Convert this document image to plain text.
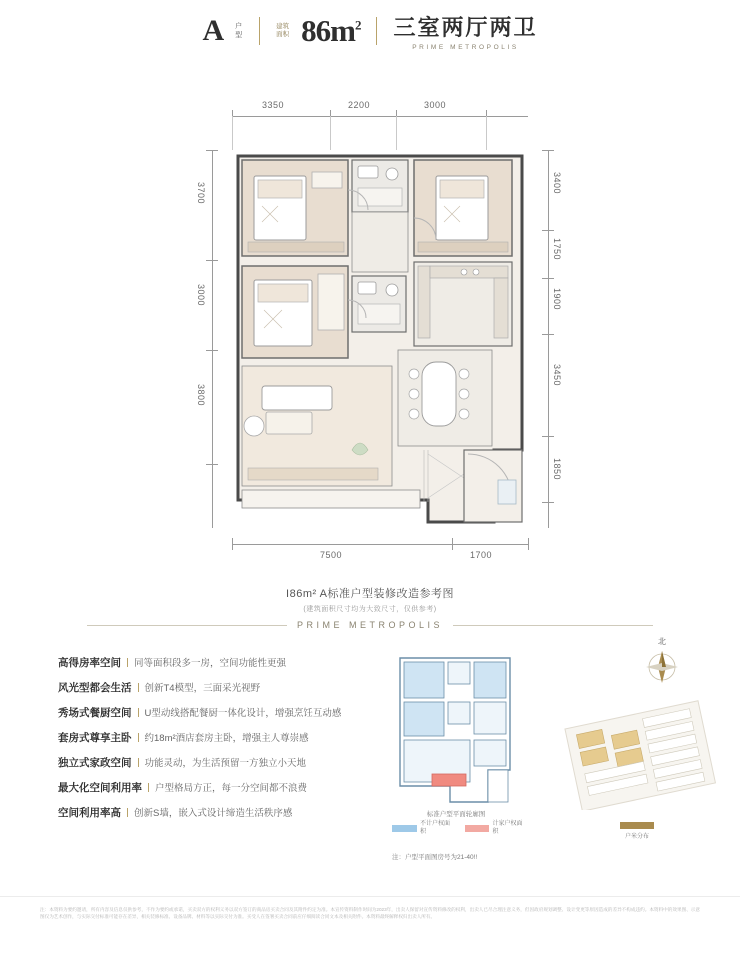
A 户
型
建筑
面积 $86m^2$ 三室两厅两卫
PRIME METROPOLIS
3350	2200	3000
3700
3000
3800
3400
1750
1900
3450
1850
7500	1700
I86m² A标准户型装修改造参考图
(建筑面积尺寸均为大致尺寸，仅供参考)
PRIME METROPOLIS
高得房率空间 同等面积段多一房，空间功能性更强
风光型都会生活 创新T4模型，三面采光视野
秀场式餐厨空间 U型动线搭配餐厨一体化设计，增强烹饪互动感
套房式尊享主卧 约18m²酒店套房主卧，增强主人尊崇感
独立式家政空间 功能灵动，为生活预留一方独立小天地
最大化空间利用率 户型格局方正，每一分空间都不浪费
空间利用率高 创新S墙，嵌入式设计缔造生活秩序感	标准户型平面轮廓图
不计户权面积
计家户权面积
注：户型平面图房号为21-40!!
北
户米分布
注：本资料为要约邀请，所有内容及信息仅供参考，不作为要约或承诺，买卖双方的权利义务以双方签订的商品房买卖合同及其附件约定为准。本宣传资料制作时间为2023年，出卖人保留对宣传资料修改的权利，出卖人已尽合理注意义务，但因政府规划调整、设计变更等原因造成的差异不构成违约。本资料中的效果图、示意图仅为艺术创作，与实际交付标准可能存在差异，相关装修标准、设备品牌、材料等以实际交付为准。买受人在签署买卖合同前应仔细阅读合同文本及相关附件。本资料最终解释权归出卖人所有。
